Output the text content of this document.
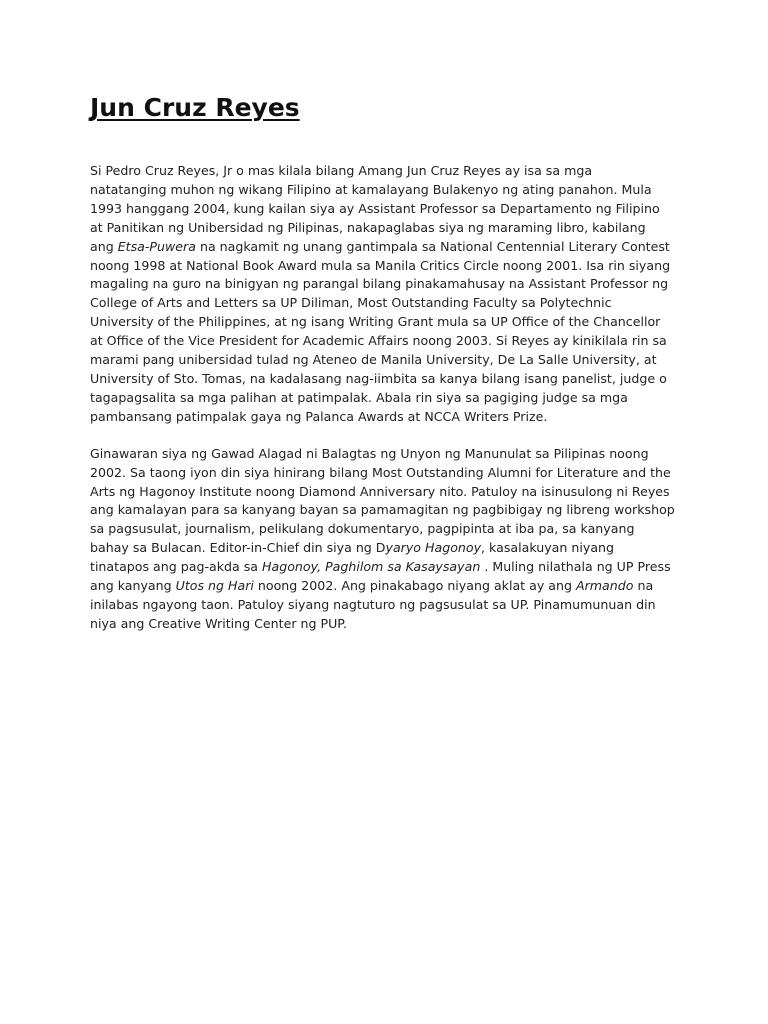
Jun Cruz Reyes
Si Pedro Cruz Reyes, Jr o mas kilala bilang Amang Jun Cruz Reyes ay isa sa mga
natatanging muhon ng wikang Filipino at kamalayang Bulakenyo ng ating panahon. Mula
1993 hanggang 2004, kung kailan siya ay Assistant Professor sa Departamento ng Filipino
at Panitikan ng Unibersidad ng Pilipinas, nakapaglabas siya ng maraming libro, kabilang
ang Etsa-Puwera na nagkamit ng unang gantimpala sa National Centennial Literary Contest
noong 1998 at National Book Award mula sa Manila Critics Circle noong 2001. Isa rin siyang
magaling na guro na binigyan ng parangal bilang pinakamahusay na Assistant Professor ng
College of Arts and Letters sa UP Diliman, Most Outstanding Faculty sa Polytechnic
University of the Philippines, at ng isang Writing Grant mula sa UP Office of the Chancellor
at Office of the Vice President for Academic Affairs noong 2003. Si Reyes ay kinikilala rin sa
marami pang unibersidad tulad ng Ateneo de Manila University, De La Salle University, at
University of Sto. Tomas, na kadalasang nag-iimbita sa kanya bilang isang panelist, judge o
tagapagsalita sa mga palihan at patimpalak. Abala rin siya sa pagiging judge sa mga
pambansang patimpalak gaya ng Palanca Awards at NCCA Writers Prize.
Ginawaran siya ng Gawad Alagad ni Balagtas ng Unyon ng Manunulat sa Pilipinas noong
2002. Sa taong iyon din siya hinirang bilang Most Outstanding Alumni for Literature and the
Arts ng Hagonoy Institute noong Diamond Anniversary nito. Patuloy na isinusulong ni Reyes
ang kamalayan para sa kanyang bayan sa pamamagitan ng pagbibigay ng libreng workshop
sa pagsusulat, journalism, pelikulang dokumentaryo, pagpipinta at iba pa, sa kanyang
bahay sa Bulacan. Editor-in-Chief din siya ng Dyaryo Hagonoy, kasalakuyan niyang
tinatapos ang pag-akda sa Hagonoy, Paghilom sa Kasaysayan . Muling nilathala ng UP Press
ang kanyang Utos ng Hari noong 2002. Ang pinakabago niyang aklat ay ang Armando na
inilabas ngayong taon. Patuloy siyang nagtuturo ng pagsusulat sa UP. Pinamumunuan din
niya ang Creative Writing Center ng PUP.
